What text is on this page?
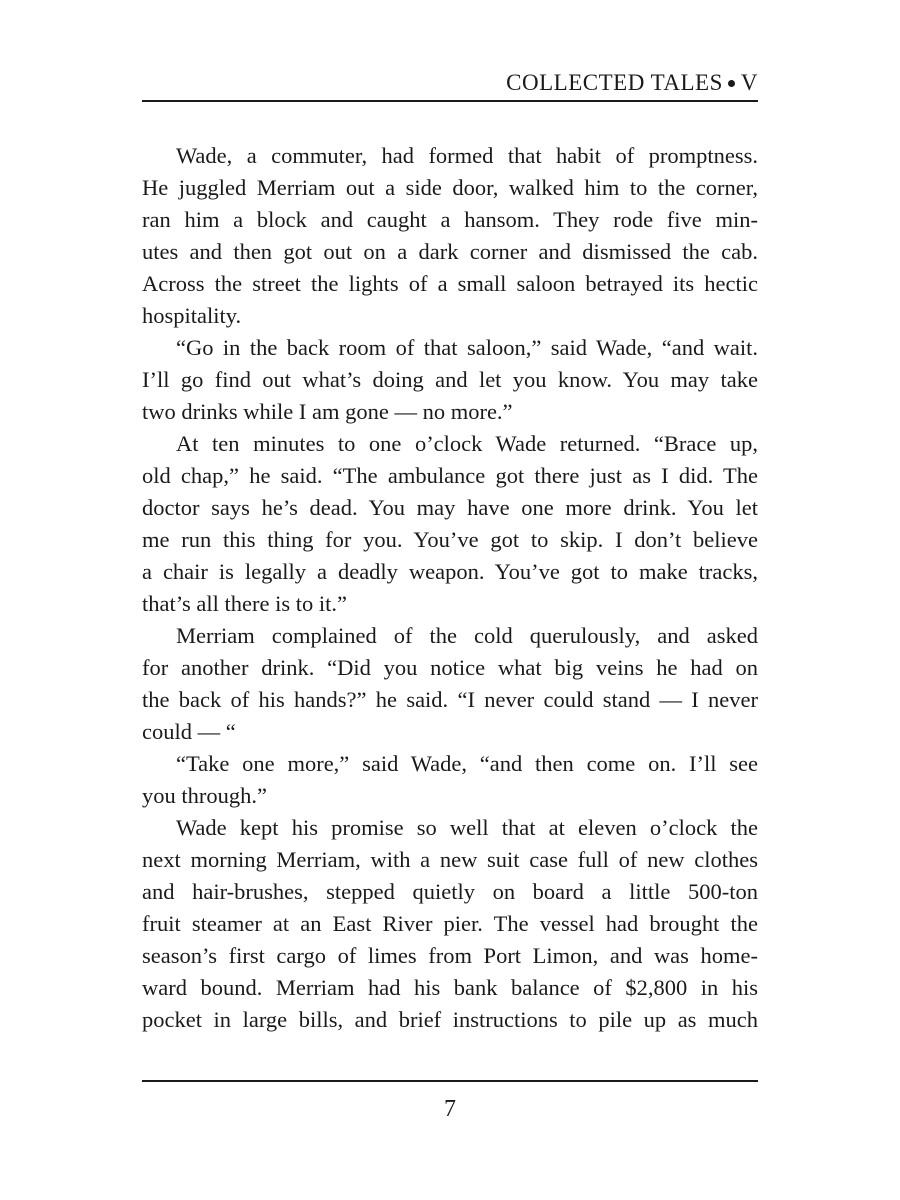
COLLECTED TALES V
Wade, a commuter, had formed that habit of promptness.
He juggled Merriam out a side door, walked him to the corner,
ran him a block and caught a hansom. They rode five min-
utes and then got out on a dark corner and dismissed the cab.
Across the street the lights of a small saloon betrayed its hectic
hospitality.
“Go in the back room of that saloon,” said Wade, “and wait.
I’ll go find out what’s doing and let you know. You may take
two drinks while I am gone — no more.”
At ten minutes to one o’clock Wade returned. “Brace up,
old chap,” he said. “The ambulance got there just as I did. The
doctor says he’s dead. You may have one more drink. You let
me run this thing for you. You’ve got to skip. I don’t believe
a chair is legally a deadly weapon. You’ve got to make tracks,
that’s all there is to it.”
Merriam complained of the cold querulously, and asked
for another drink. “Did you notice what big veins he had on
the back of his hands?” he said. “I never could stand — I never
could — “
“Take one more,” said Wade, “and then come on. I’ll see
you through.”
Wade kept his promise so well that at eleven o’clock the
next morning Merriam, with a new suit case full of new clothes
and hair-brushes, stepped quietly on board a little 500-ton
fruit steamer at an East River pier. The vessel had brought the
season’s first cargo of limes from Port Limon, and was home-
ward bound. Merriam had his bank balance of $2,800 in his
pocket in large bills, and brief instructions to pile up as much
7
